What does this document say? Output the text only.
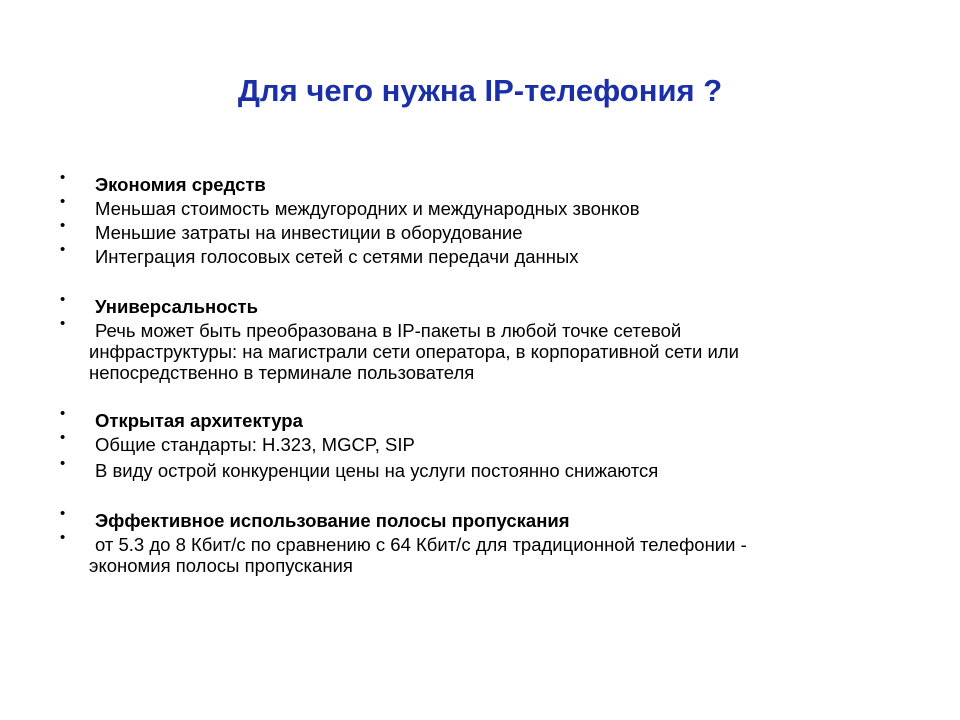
Для чего нужна IP-телефония ?
•	Экономия средств
•	Меньшая стоимость междугородних и международных звонков
•	Меньшие затраты на инвестиции в оборудование
•	Интеграция голосовых сетей с сетями передачи данных
•	Универсальность
•	Речь может быть преобразована в IP-пакеты в любой точке сетевой
инфраструктуры: на магистрали сети оператора, в корпоративной сети или
непосредственно в терминале пользователя
•	Открытая архитектура
•	Общие стандарты: H.323, MGCP, SIP
•	В виду острой конкуренции цены на услуги постоянно снижаются
•	Эффективное использование полосы пропускания
•	от 5.3 до 8 Кбит/с по сравнению с 64 Кбит/с для традиционной телефонии -
экономия полосы пропускания
